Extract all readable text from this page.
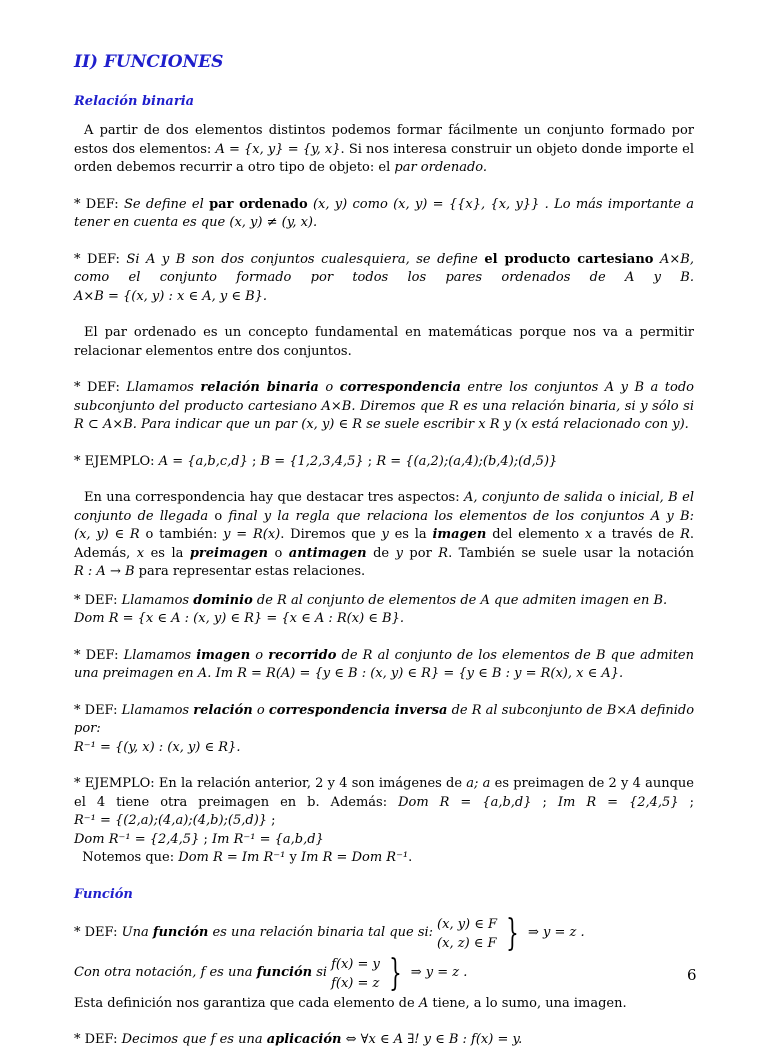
II) FUNCIONES
Relación binaria

A partir de dos elementos distintos podemos formar fácilmente un conjunto formado por estos dos elementos: A = {x, y} = {y, x}. Si nos interesa construir un objeto donde importe el orden debemos recurrir a otro tipo de objeto: el par ordenado.

* DEF: Se define el par ordenado (x, y) como (x, y) = {{x}, {x, y}} . Lo más importante a tener en cuenta es que (x, y) ≠ (y, x).

* DEF: Si A y B son dos conjuntos cualesquiera, se define el producto cartesiano A×B, como el conjunto formado por todos los pares ordenados de A y B. A×B = {(x, y) : x ∈ A, y ∈ B}.

El par ordenado es un concepto fundamental en matemáticas porque nos va a permitir relacionar elementos entre dos conjuntos.

* DEF: Llamamos relación binaria o correspondencia entre los conjuntos A y B a todo subconjunto del producto cartesiano A×B. Diremos que R es una relación binaria, si y sólo si R ⊂ A×B. Para indicar que un par (x, y) ∈ R se suele escribir x R y (x está relacionado con y).

* EJEMPLO: A = {a,b,c,d} ; B = {1,2,3,4,5} ; R = {(a,2);(a,4);(b,4);(d,5)}

En una correspondencia hay que destacar tres aspectos: A, conjunto de salida o inicial, B el conjunto de llegada o final y la regla que relaciona los elementos de los conjuntos A y B: (x, y) ∈ R o también: y = R(x). Diremos que y es la imagen del elemento x a través de R. Además, x es la preimagen o antimagen de y por R. También se suele usar la notación R : A → B para representar estas relaciones.

* DEF: Llamamos dominio de R al conjunto de elementos de A que admiten imagen en B.
Dom R = {x ∈ A : (x, y) ∈ R} = {x ∈ A : R(x) ∈ B}.

* DEF: Llamamos imagen o recorrido de R al conjunto de los elementos de B que admiten una preimagen en A. Im R = R(A) = {y ∈ B : (x, y) ∈ R} = {y ∈ B : y = R(x), x ∈ A}.

* DEF: Llamamos relación o correspondencia inversa de R al subconjunto de B×A definido por:
R⁻¹ = {(y, x) : (x, y) ∈ R}.

* EJEMPLO: En la relación anterior, 2 y 4 son imágenes de a; a es preimagen de 2 y 4 aunque el 4 tiene otra preimagen en b. Además: Dom R = {a,b,d} ; Im R = {2,4,5} ; R⁻¹ = {(2,a);(4,a);(4,b);(5,d)} ;
Dom R⁻¹ = {2,4,5} ; Im R⁻¹ = {a,b,d}
Notemos que: Dom R = Im R⁻¹ y Im R = Dom R⁻¹.

Función
* DEF:
Una
función
es una relación binaria tal que si:
(x, y) ∈ F
(x, z) ∈ F } ⇒ y = z .
Con otra notación, f es una
función
si
f(x) = y
f(x) = z } ⇒ y = z .

Esta definición nos garantiza que cada elemento de A tiene, a lo sumo, una imagen.

* DEF: Decimos que f es una aplicación ⇔ ∀x ∈ A ∃! y ∈ B : f(x) = y.

6
